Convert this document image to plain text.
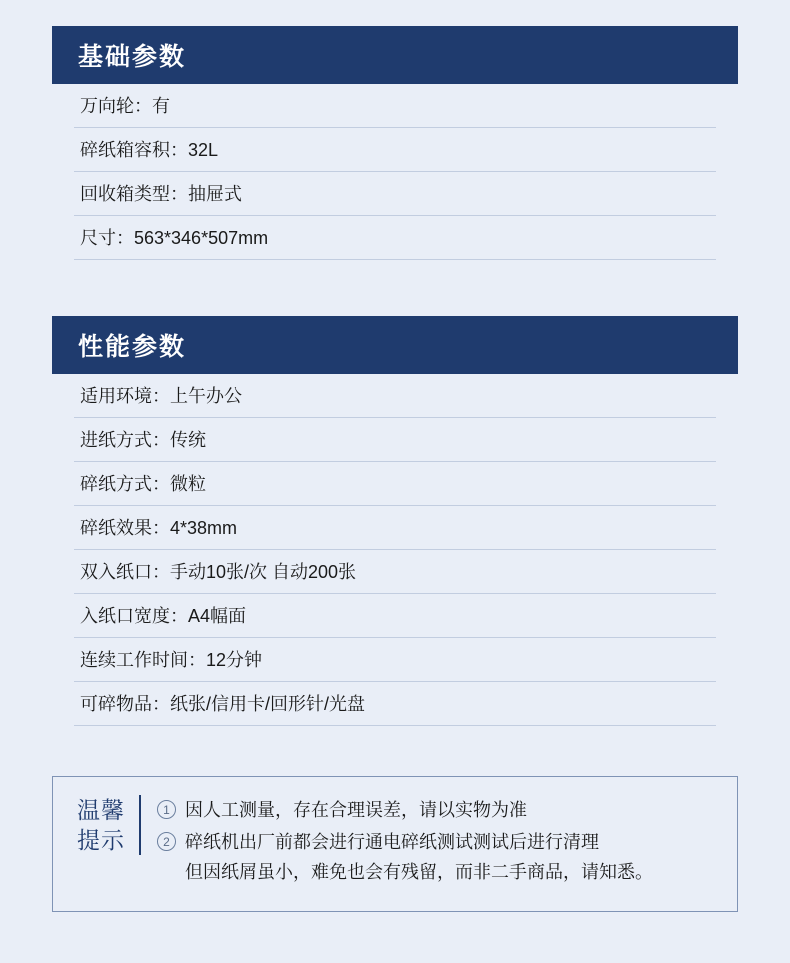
基础参数
万向轮：有
碎纸箱容积：32L
回收箱类型：抽屉式
尺寸：563*346*507mm
性能参数
适用环境：上午办公
进纸方式：传统
碎纸方式：微粒
碎纸效果：4*38mm
双入纸口：手动10张/次 自动200张
入纸口宽度：A4幅面
连续工作时间：12分钟
可碎物品：纸张/信用卡/回形针/光盘
温馨
提示
1 因人工测量，存在合理误差，请以实物为准
2 碎纸机出厂前都会进行通电碎纸测试测试后进行清理
但因纸屑虽小，难免也会有残留，而非二手商品，请知悉。
